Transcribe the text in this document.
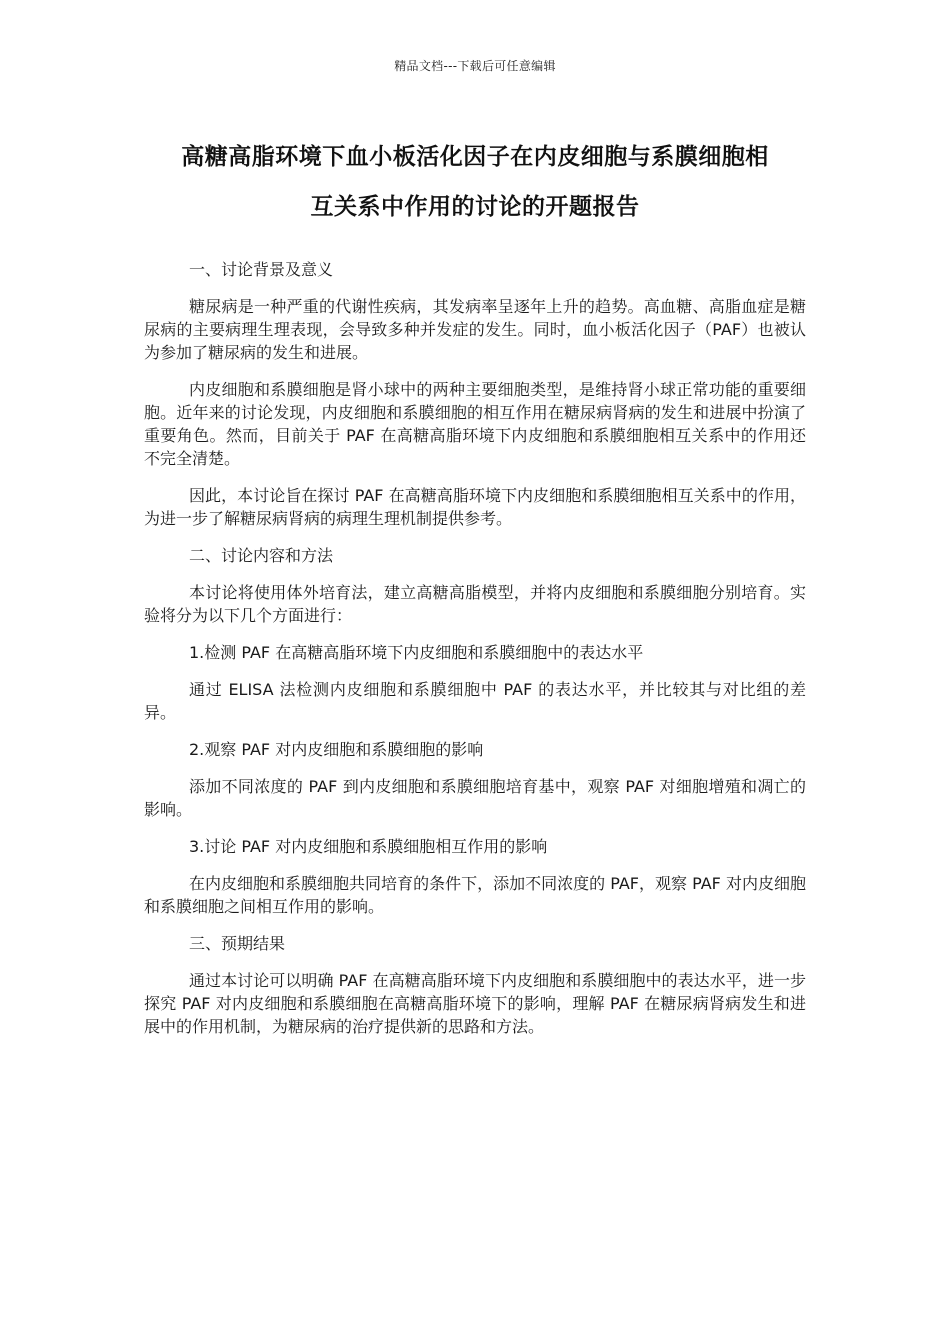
精品文档---下载后可任意编辑
高糖高脂环境下血小板活化因子在内皮细胞与系膜细胞相
互关系中作用的讨论的开题报告

一、讨论背景及意义

糖尿病是一种严重的代谢性疾病，其发病率呈逐年上升的趋势。高血糖、高脂血症是糖尿病的主要病理生理表现，会导致多种并发症的发生。同时，血小板活化因子（PAF）也被认为参加了糖尿病的发生和进展。

内皮细胞和系膜细胞是肾小球中的两种主要细胞类型，是维持肾小球正常功能的重要细胞。近年来的讨论发现，内皮细胞和系膜细胞的相互作用在糖尿病肾病的发生和进展中扮演了重要角色。然而，目前关于 PAF 在高糖高脂环境下内皮细胞和系膜细胞相互关系中的作用还不完全清楚。

因此，本讨论旨在探讨 PAF 在高糖高脂环境下内皮细胞和系膜细胞相互关系中的作用，为进一步了解糖尿病肾病的病理生理机制提供参考。

二、讨论内容和方法

本讨论将使用体外培育法，建立高糖高脂模型，并将内皮细胞和系膜细胞分别培育。实验将分为以下几个方面进行：

1.检测 PAF 在高糖高脂环境下内皮细胞和系膜细胞中的表达水平

通过 ELISA 法检测内皮细胞和系膜细胞中 PAF 的表达水平，并比较其与对比组的差异。

2.观察 PAF 对内皮细胞和系膜细胞的影响

添加不同浓度的 PAF 到内皮细胞和系膜细胞培育基中，观察 PAF 对细胞增殖和凋亡的影响。

3.讨论 PAF 对内皮细胞和系膜细胞相互作用的影响

在内皮细胞和系膜细胞共同培育的条件下，添加不同浓度的 PAF，观察 PAF 对内皮细胞和系膜细胞之间相互作用的影响。

三、预期结果

通过本讨论可以明确 PAF 在高糖高脂环境下内皮细胞和系膜细胞中的表达水平，进一步探究 PAF 对内皮细胞和系膜细胞在高糖高脂环境下的影响，理解 PAF 在糖尿病肾病发生和进展中的作用机制，为糖尿病的治疗提供新的思路和方法。
